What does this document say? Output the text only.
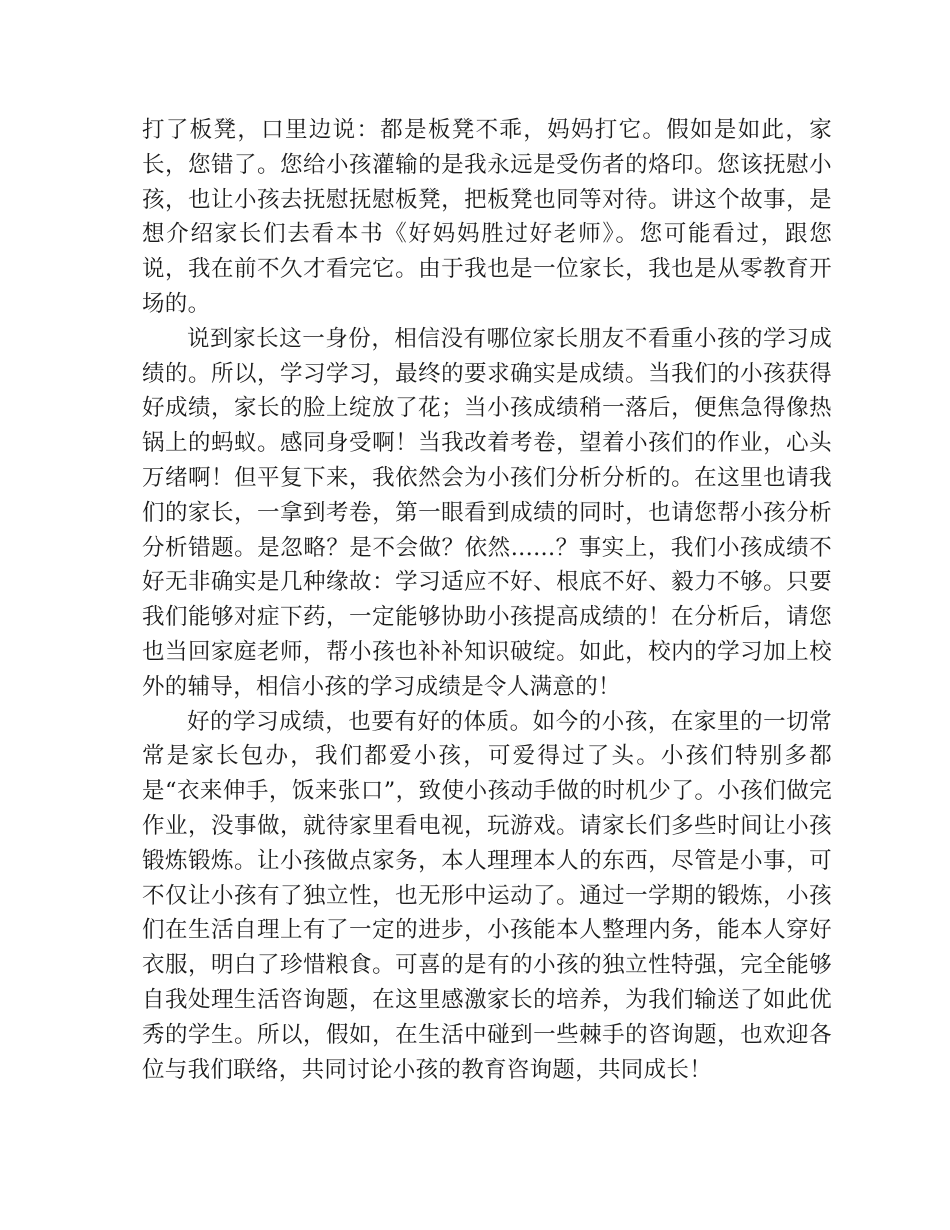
打了板凳，口里边说：都是板凳不乖，妈妈打它。假如是如此，家长，您错了。您给小孩灌输的是我永远是受伤者的烙印。您该抚慰小孩，也让小孩去抚慰抚慰板凳，把板凳也同等对待。讲这个故事，是想介绍家长们去看本书《好妈妈胜过好老师》。您可能看过，跟您说，我在前不久才看完它。由于我也是一位家长，我也是从零教育开场的。

说到家长这一身份，相信没有哪位家长朋友不看重小孩的学习成绩的。所以，学习学习，最终的要求确实是成绩。当我们的小孩获得好成绩，家长的脸上绽放了花；当小孩成绩稍一落后，便焦急得像热锅上的蚂蚁。感同身受啊！当我改着考卷，望着小孩们的作业，心头万绪啊！但平复下来，我依然会为小孩们分析分析的。在这里也请我们的家长，一拿到考卷，第一眼看到成绩的同时，也请您帮小孩分析分析错题。是忽略？是不会做？依然......？事实上，我们小孩成绩不好无非确实是几种缘故：学习适应不好、根底不好、毅力不够。只要我们能够对症下药，一定能够协助小孩提高成绩的！在分析后，请您也当回家庭老师，帮小孩也补补知识破绽。如此，校内的学习加上校外的辅导，相信小孩的学习成绩是令人满意的！

好的学习成绩，也要有好的体质。如今的小孩，在家里的一切常常是家长包办，我们都爱小孩，可爱得过了头。小孩们特别多都是“衣来伸手，饭来张口”，致使小孩动手做的时机少了。小孩们做完作业，没事做，就待家里看电视，玩游戏。请家长们多些时间让小孩锻炼锻炼。让小孩做点家务，本人理理本人的东西，尽管是小事，可不仅让小孩有了独立性，也无形中运动了。通过一学期的锻炼，小孩们在生活自理上有了一定的进步，小孩能本人整理内务，能本人穿好衣服，明白了珍惜粮食。可喜的是有的小孩的独立性特强，完全能够自我处理生活咨询题，在这里感激家长的培养，为我们输送了如此优秀的学生。所以，假如，在生活中碰到一些棘手的咨询题，也欢迎各位与我们联络，共同讨论小孩的教育咨询题，共同成长！
